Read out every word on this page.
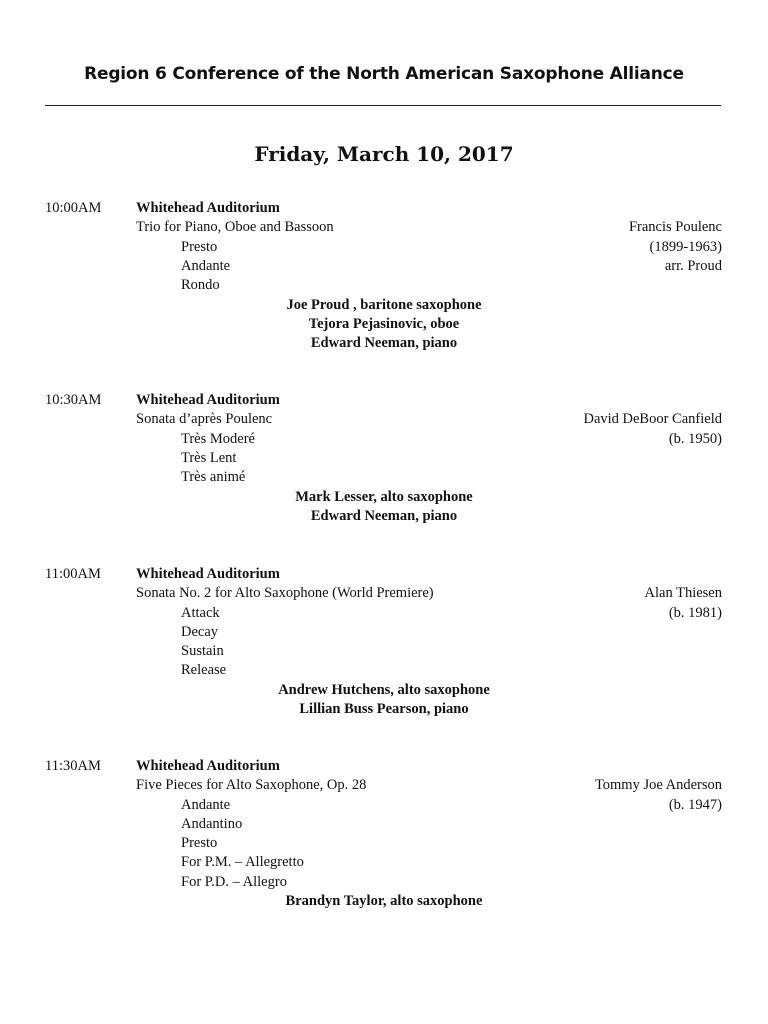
Region 6 Conference of the North American Saxophone Alliance
Friday, March 10, 2017
10:00AM Whitehead Auditorium
Trio for Piano, Oboe and Bassoon
Presto
Andante
Rondo
Francis Poulenc
(1899-1963)
arr. Proud
Joe Proud , baritone saxophone
Tejora Pejasinovic, oboe
Edward Neeman, piano
10:30AM Whitehead Auditorium
Sonata d’après Poulenc
Très Moderé
Très Lent
Très animé
David DeBoor Canfield
(b. 1950)
Mark Lesser, alto saxophone
Edward Neeman, piano
11:00AM Whitehead Auditorium
Sonata No. 2 for Alto Saxophone (World Premiere)
Attack
Decay
Sustain
Release
Alan Thiesen
(b. 1981)
Andrew Hutchens, alto saxophone
Lillian Buss Pearson, piano
11:30AM Whitehead Auditorium
Five Pieces for Alto Saxophone, Op. 28
Andante
Andantino
Presto
For P.M. – Allegretto
For P.D. – Allegro
Tommy Joe Anderson
(b. 1947)
Brandyn Taylor, alto saxophone
